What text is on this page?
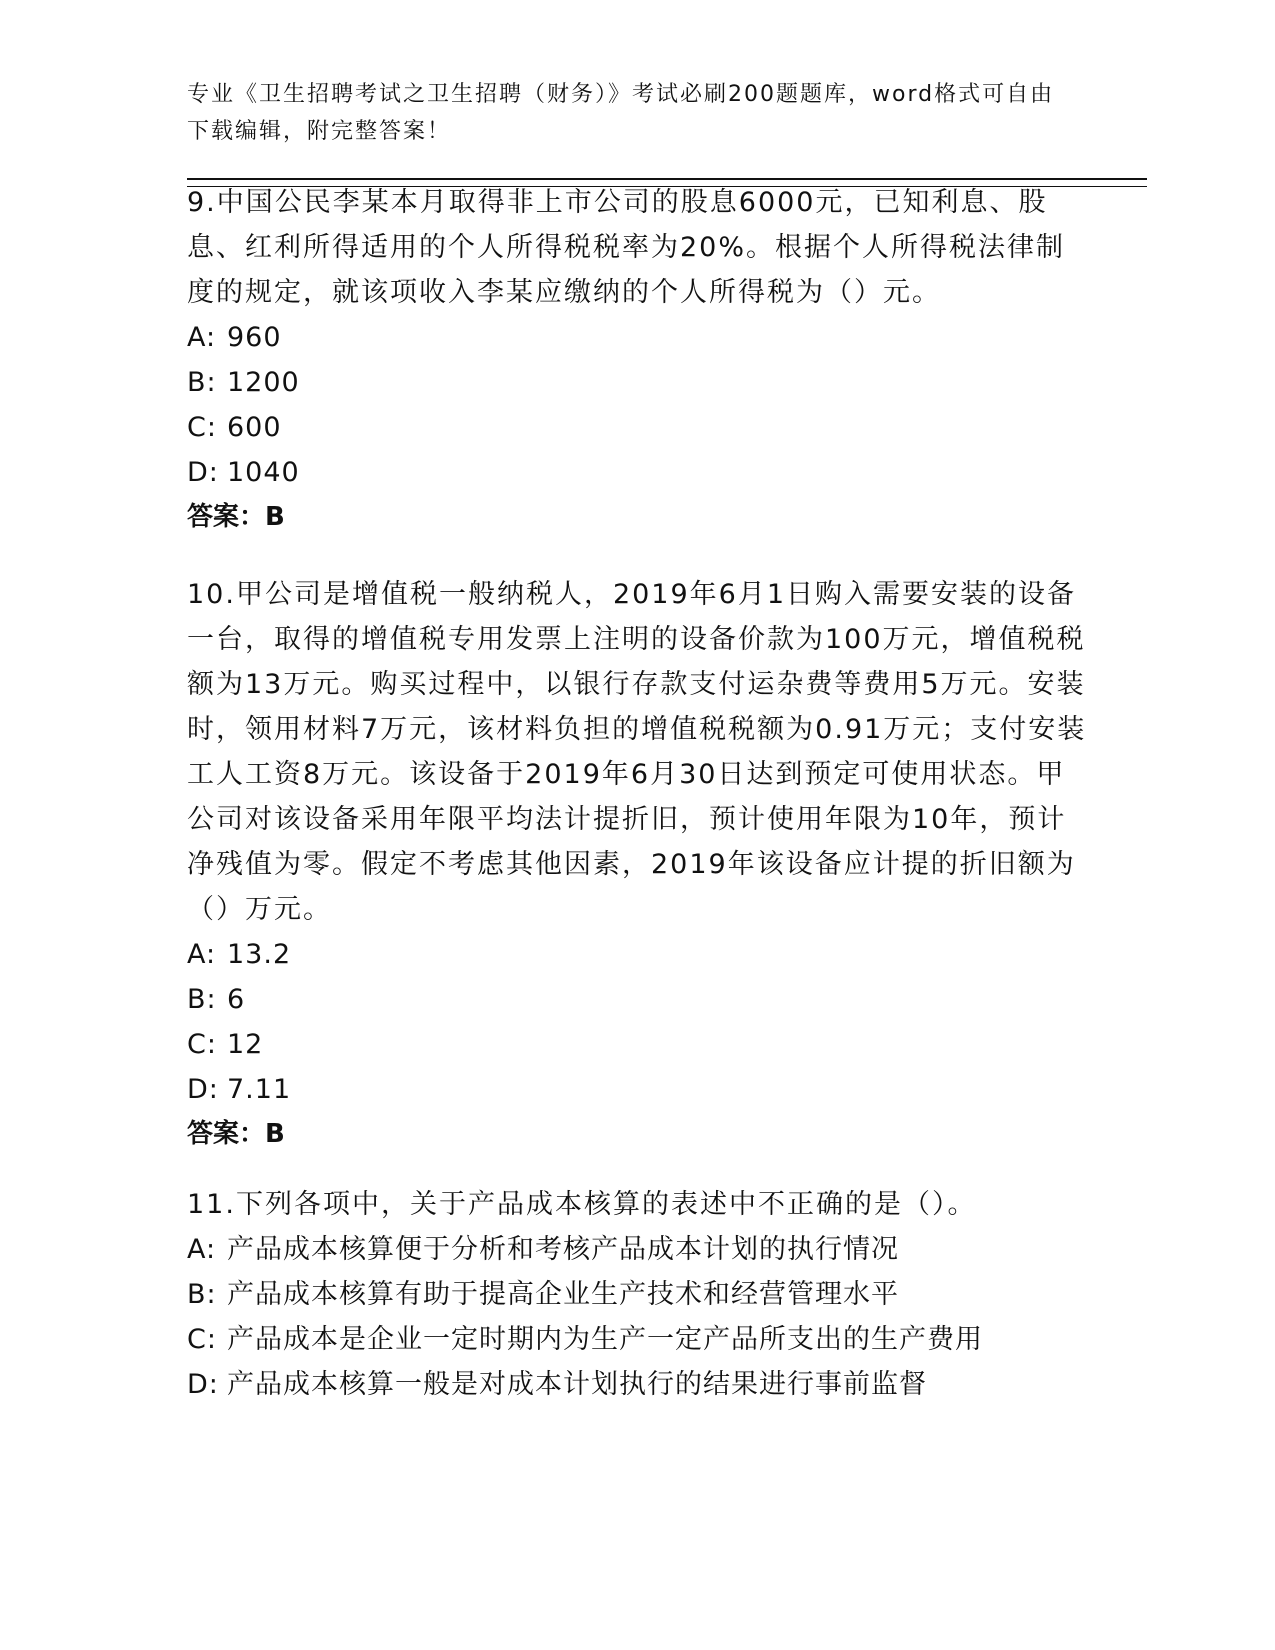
专业《卫生招聘考试之卫生招聘（财务）》考试必刷200题题库，word格式可自由下载编辑，附完整答案！

9.中国公民李某本月取得非上市公司的股息6000元，已知利息、股息、红利所得适用的个人所得税税率为20%。根据个人所得税法律制度的规定，就该项收入李某应缴纳的个人所得税为（）元。

A: 960

B: 1200

C: 600

D: 1040

答案：B

10.甲公司是增值税一般纳税人，2019年6月1日购入需要安装的设备一台，取得的增值税专用发票上注明的设备价款为100万元，增值税税额为13万元。购买过程中，以银行存款支付运杂费等费用5万元。安装时，领用材料7万元，该材料负担的增值税税额为0.91万元；支付安装工人工资8万元。该设备于2019年6月30日达到预定可使用状态。甲公司对该设备采用年限平均法计提折旧，预计使用年限为10年，预计净残值为零。假定不考虑其他因素，2019年该设备应计提的折旧额为（）万元。

A: 13.2

B: 6

C: 12

D: 7.11

答案：B

11.下列各项中，关于产品成本核算的表述中不正确的是（）。

A: 产品成本核算便于分析和考核产品成本计划的执行情况

B: 产品成本核算有助于提高企业生产技术和经营管理水平

C: 产品成本是企业一定时期内为生产一定产品所支出的生产费用

D: 产品成本核算一般是对成本计划执行的结果进行事前监督
